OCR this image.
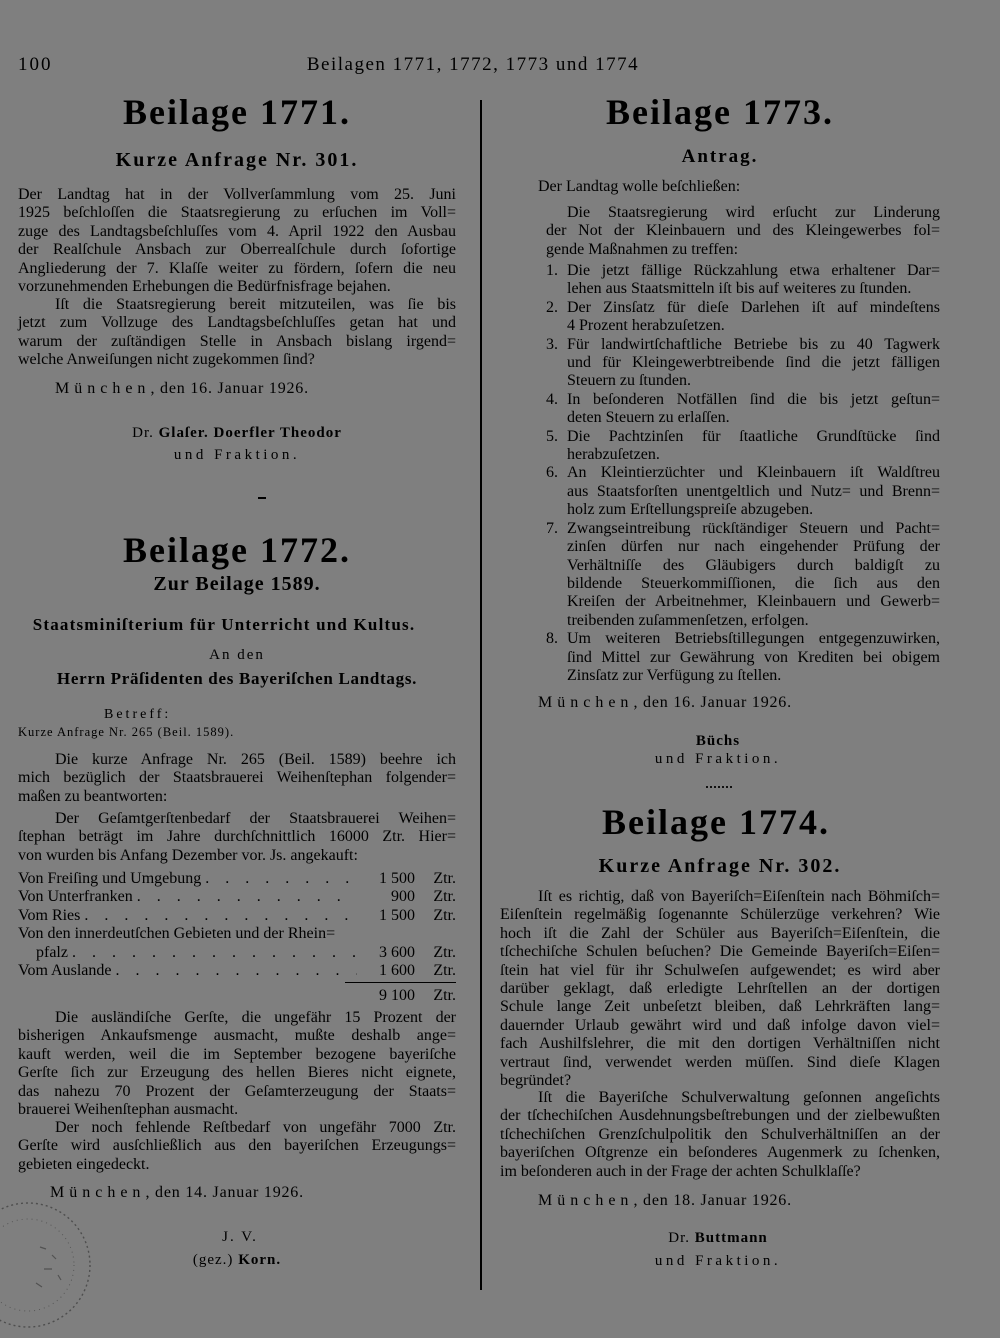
100	Beilagen 1771, 1772, 1773 und 1774
Beilage 1771.
Kurze Anfrage Nr. 301.
Der Landtag hat in der Vollverſammlung vom 25. Juni
1925 beſchloſſen die Staatsregierung zu erſuchen im Voll=
zuge des Landtagsbeſchluſſes vom 4. April 1922 den Ausbau
der Realſchule Ansbach zur Oberrealſchule durch ſofortige
Angliederung der 7. Klaſſe weiter zu fördern, ſofern die neu
vorzunehmenden Erhebungen die Bedürfnisfrage bejahen.
Iſt die Staatsregierung bereit mitzuteilen, was ſie bis
jetzt zum Vollzuge des Landtagsbeſchluſſes getan hat und
warum der zuſtändigen Stelle in Ansbach bislang irgend=
welche Anweiſungen nicht zugekommen ſind?
München, den 16. Januar 1926.
Dr. Glaſer. Doerfler Theodor
und Fraktion.
Beilage 1772.
Zur Beilage 1589.
Staatsminiſterium für Unterricht und Kultus.
An den
Herrn Präſidenten des Bayeriſchen Landtags.
Betreff:
Kurze Anfrage Nr. 265 (Beil. 1589).
Die kurze Anfrage Nr. 265 (Beil. 1589) beehre ich
mich bezüglich der Staatsbrauerei Weihenſtephan folgender=
maßen zu beantworten:
Der Geſamtgerſtenbedarf der Staatsbrauerei Weihen=
ſtephan beträgt im Jahre durchſchnittlich 16000 Ztr. Hier=
von wurden bis Anfang Dezember vor. Js. angekauft:
Von Freiſing und Umgebung . . .	1 500	Ztr.
Von Unterfranken . . .	900	Ztr.
Vom Ries . . .	1 500	Ztr.
Von den innerdeutſchen Gebieten und der Rhein=
pfalz . . .	3 600	Ztr.
Vom Auslande . . .	1 600	Ztr.
9 100	Ztr.
Die ausländiſche Gerſte, die ungefähr 15 Prozent der
bisherigen Ankaufsmenge ausmacht, mußte deshalb ange=
kauft werden, weil die im September bezogene bayeriſche
Gerſte ſich zur Erzeugung des hellen Bieres nicht eignete,
das nahezu 70 Prozent der Geſamterzeugung der Staats=
brauerei Weihenſtephan ausmacht.
Der noch fehlende Reſtbedarf von ungefähr 7000 Ztr.
Gerſte wird ausſchließlich aus den bayeriſchen Erzeugungs=
gebieten eingedeckt.
München, den 14. Januar 1926.
J. V.
(gez.) Korn.
Beilage 1773.
Antrag.
Der Landtag wolle beſchließen:
Die Staatsregierung wird erſucht zur Linderung
der Not der Kleinbauern und des Kleingewerbes fol=
gende Maßnahmen zu treffen:
1. Die jetzt fällige Rückzahlung etwa erhaltener Dar=
lehen aus Staatsmitteln iſt bis auf weiteres zu ſtunden.
2. Der Zinsſatz für dieſe Darlehen iſt auf mindeſtens
4 Prozent herabzuſetzen.
3. Für landwirtſchaftliche Betriebe bis zu 40 Tagwerk
und für Kleingewerbtreibende ſind die jetzt fälligen
Steuern zu ſtunden.
4. In beſonderen Notfällen ſind die bis jetzt geſtun=
deten Steuern zu erlaſſen.
5. Die Pachtzinſen für ſtaatliche Grundſtücke ſind
herabzuſetzen.
6. An Kleintierzüchter und Kleinbauern iſt Waldſtreu
aus Staatsforſten unentgeltlich und Nutz= und Brenn=
holz zum Erſtellungspreiſe abzugeben.
7. Zwangseintreibung rückſtändiger Steuern und Pacht=
zinſen dürfen nur nach eingehender Prüfung der
Verhältniſſe des Gläubigers durch baldigſt zu
bildende Steuerkommiſſionen, die ſich aus den
Kreiſen der Arbeitnehmer, Kleinbauern und Gewerb=
treibenden zuſammenſetzen, erfolgen.
8. Um weiteren Betriebsſtillegungen entgegenzuwirken,
ſind Mittel zur Gewährung von Krediten bei obigem
Zinsſatz zur Verfügung zu ſtellen.
München, den 16. Januar 1926.
Büchs
und Fraktion.
Beilage 1774.
Kurze Anfrage Nr. 302.
Iſt es richtig, daß von Bayeriſch=Eiſenſtein nach Böhmiſch=
Eiſenſtein regelmäßig ſogenannte Schülerzüge verkehren? Wie
hoch iſt die Zahl der Schüler aus Bayeriſch=Eiſenſtein, die
tſchechiſche Schulen beſuchen? Die Gemeinde Bayeriſch=Eiſen=
ſtein hat viel für ihr Schulweſen aufgewendet; es wird aber
darüber geklagt, daß erledigte Lehrſtellen an der dortigen
Schule lange Zeit unbeſetzt bleiben, daß Lehrkräften lang=
dauernder Urlaub gewährt wird und daß infolge davon viel=
fach Aushilfslehrer, die mit den dortigen Verhältniſſen nicht
vertraut ſind, verwendet werden müſſen. Sind dieſe Klagen
begründet?
Iſt die Bayeriſche Schulverwaltung geſonnen angeſichts
der tſchechiſchen Ausdehnungsbeſtrebungen und der zielbewußten
tſchechiſchen Grenzſchulpolitik den Schulverhältniſſen an der
bayeriſchen Oſtgrenze ein beſonderes Augenmerk zu ſchenken,
im beſonderen auch in der Frage der achten Schulklaſſe?
München, den 18. Januar 1926.
Dr. Buttmann
und Fraktion.
